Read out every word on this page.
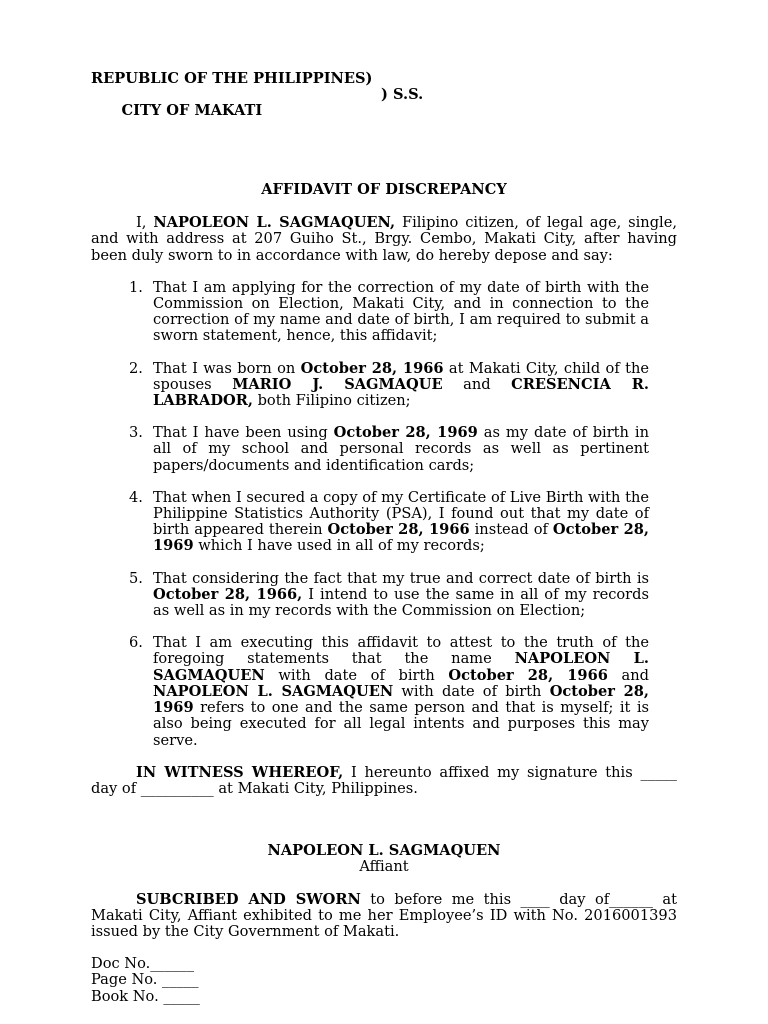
REPUBLIC OF THE PHILIPPINES)

CITY OF MAKATI

) S.S.

AFFIDAVIT OF DISCREPANCY

I, NAPOLEON L. SAGMAQUEN, Filipino citizen, of legal age, single, and with address at 207 Guiho St., Brgy. Cembo, Makati City, after having been duly sworn to in accordance with law, do hereby depose and say:

1. That I am applying for the correction of my date of birth with the Commission on Election, Makati City, and in connection to the correction of my name and date of birth, I am required to submit a sworn statement, hence, this affidavit;
2. That I was born on October 28, 1966 at Makati City, child of the spouses MARIO J. SAGMAQUE and CRESENCIA R. LABRADOR, both Filipino citizen;
3. That I have been using October 28, 1969 as my date of birth in all of my school and personal records as well as pertinent papers/documents and identification cards;
4. That when I secured a copy of my Certificate of Live Birth with the Philippine Statistics Authority (PSA), I found out that my date of birth appeared therein October 28, 1966 instead of October 28, 1969 which I have used in all of my records;
5. That considering the fact that my true and correct date of birth is October 28, 1966, I intend to use the same in all of my records as well as in my records with the Commission on Election;
6. That I am executing this affidavit to attest to the truth of the foregoing statements that the name NAPOLEON L. SAGMAQUEN with date of birth October 28, 1966 and NAPOLEON L. SAGMAQUEN with date of birth October 28, 1969 refers to one and the same person and that is myself; it is also being executed for all legal intents and purposes this may serve.

IN WITNESS WHEREOF, I hereunto affixed my signature this _____ day of __________ at Makati City, Philippines.

NAPOLEON L. SAGMAQUEN
Affiant

SUBCRIBED AND SWORN to before me this ____ day of______ at Makati City, Affiant exhibited to me her Employee’s ID with No. 2016001393 issued by the City Government of Makati.

Doc No.______
Page No. _____
Book No. _____
